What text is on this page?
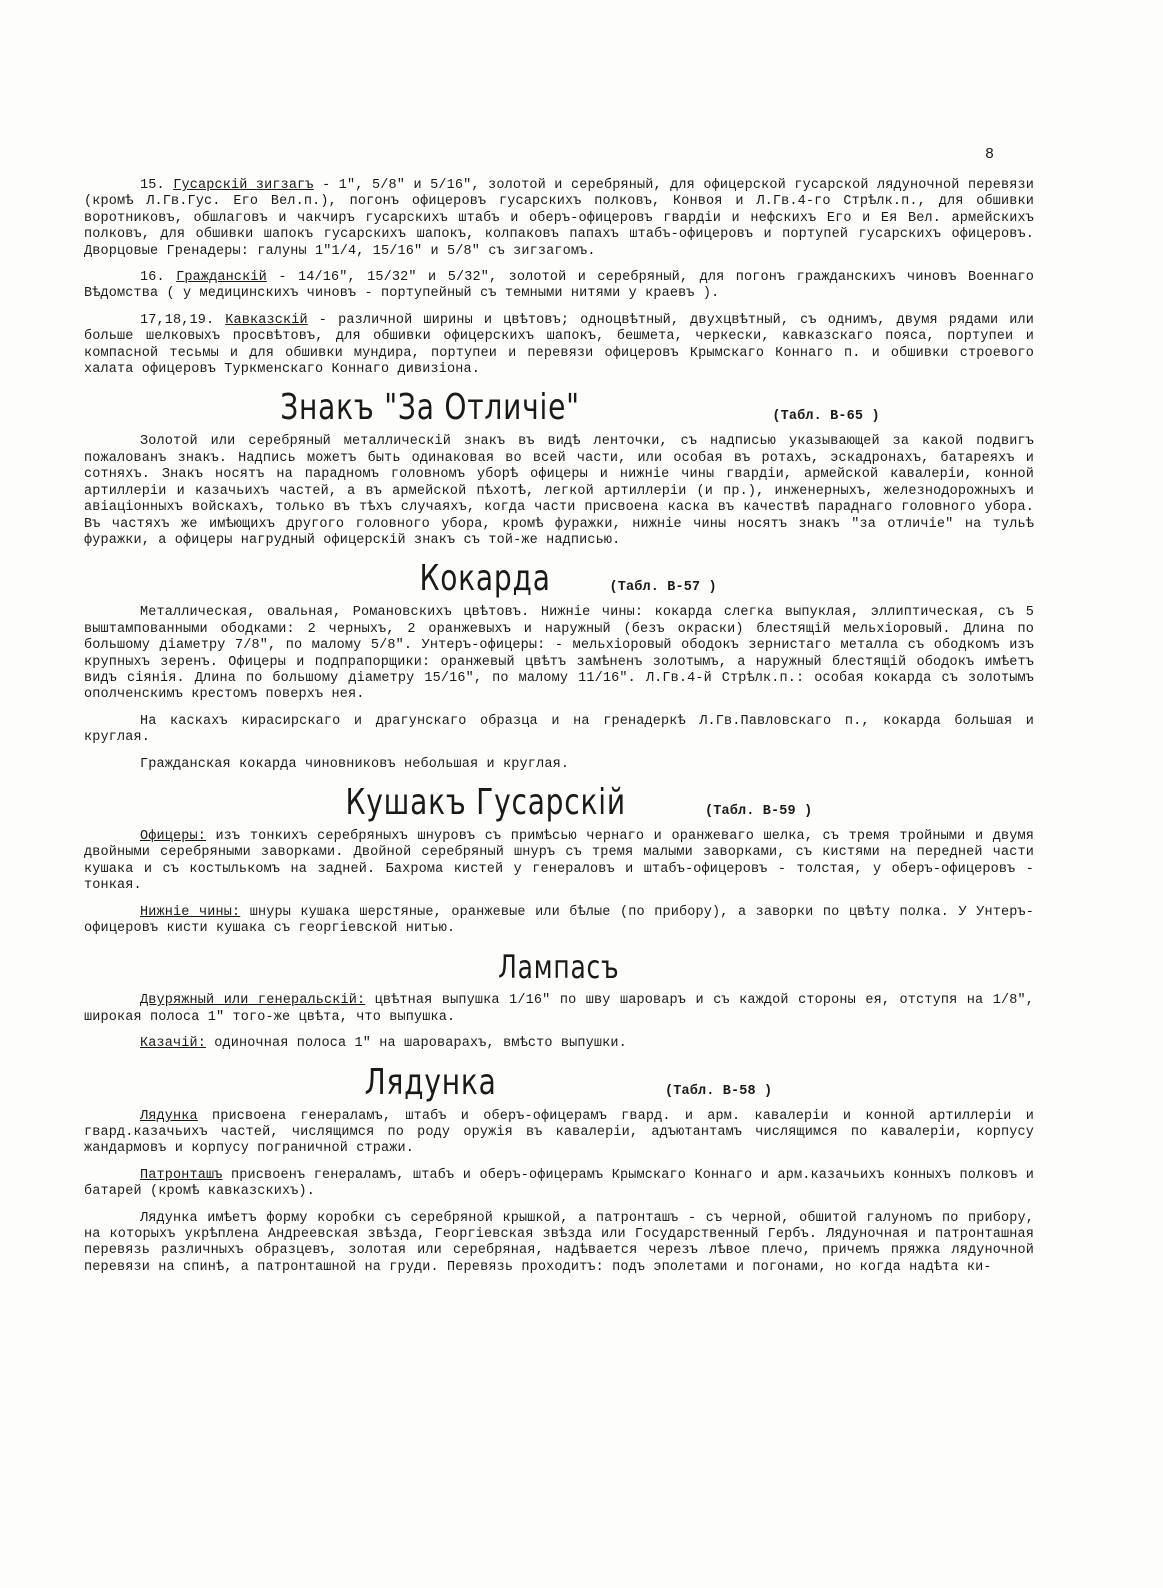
8

15. Гусарскій зигзагъ - 1", 5/8" и 5/16", золотой и серебряный, для офицерской гусарской лядуночной перевязи (кромѣ Л.Гв.Гус. Его Вел.п.), погонъ офицеровъ гусарскихъ полковъ, Конвоя и Л.Гв.4-го Стрѣлк.п., для обшивки воротниковъ, обшлаговъ и чакчиръ гусарскихъ штабъ и оберъ-офицеровъ гвардіи и нефскихъ Его и Ея Вел. армейскихъ полковъ, для обшивки шапокъ гусарскихъ шапокъ, колпаковъ папахъ штабъ-офицеровъ и портупей гусарскихъ офицеровъ. Дворцовые Гренадеры: галуны 1"1/4, 15/16" и 5/8" съ зигзагомъ.

16. Гражданскій - 14/16", 15/32" и 5/32", золотой и серебряный, для погонъ гражданскихъ чиновъ Военнаго Вѣдомства ( у медицинскихъ чиновъ - портупейный съ темными нитями у краевъ ).

17,18,19. Кавказскій - различной ширины и цвѣтовъ; одноцвѣтный, двухцвѣтный, съ однимъ, двумя рядами или больше шелковыхъ просвѣтовъ, для обшивки офицерскихъ шапокъ, бешмета, черкески, кавказскаго пояса, портупеи и компасной тесьмы и для обшивки мундира, портупеи и перевязи офицеровъ Крымскаго Коннаго п. и обшивки строевого халата офицеровъ Туркменскаго Коннаго дивизіона.

Знакъ "За Отличіе"	(Табл. В-65 )

Золотой или серебряный металлическій знакъ въ видѣ ленточки, съ надписью указывающей за какой подвигъ пожалованъ знакъ. Надпись можетъ быть одинаковая во всей части, или особая въ ротахъ, эскадронахъ, батареяхъ и сотняхъ. Знакъ носятъ на парадномъ головномъ уборѣ офицеры и нижніе чины гвардіи, армейской кавалеріи, конной артиллеріи и казачьихъ частей, а въ армейской пѣхотѣ, легкой артиллеріи (и пр.), инженерныхъ, железнодорожныхъ и авіаціонныхъ войскахъ, только въ тѣхъ случаяхъ, когда части присвоена каска въ качествѣ параднаго головного убора. Въ частяхъ же имѣющихъ другого головного убора, кромѣ фуражки, нижніе чины носятъ знакъ "за отличіе" на тульѣ фуражки, а офицеры нагрудный офицерскій знакъ съ той-же надписью.

Кокарда	(Табл. В-57 )

Металлическая, овальная, Романовскихъ цвѣтовъ. Нижніе чины: кокарда слегка выпуклая, эллиптическая, съ 5 выштампованными ободками: 2 черныхъ, 2 оранжевыхъ и наружный (безъ окраски) блестящій мельхіоровый. Длина по большому діаметру 7/8", по малому 5/8". Унтеръ-офицеры: - мельхіоровый ободокъ зернистаго металла съ ободкомъ изъ крупныхъ зеренъ. Офицеры и подпрапорщики: оранжевый цвѣтъ замѣненъ золотымъ, а наружный блестящій ободокъ имѣетъ видъ сіянія. Длина по большому діаметру 15/16", по малому 11/16". Л.Гв.4-й Стрѣлк.п.: особая кокарда съ золотымъ ополченскимъ крестомъ поверхъ нея.

На каскахъ кирасирскаго и драгунскаго образца и на гренадеркѣ Л.Гв.Павловскаго п., кокарда большая и круглая.

Гражданская кокарда чиновниковъ небольшая и круглая.

Кушакъ Гусарскій	(Табл. В-59 )

Офицеры: изъ тонкихъ серебряныхъ шнуровъ съ примѣсью чернаго и оранжеваго шелка, съ тремя тройными и двумя двойными серебряными заворками. Двойной серебряный шнуръ съ тремя малыми заворками, съ кистями на передней части кушака и съ костылькомъ на задней. Бахрома кистей у генераловъ и штабъ-офицеровъ - толстая, у оберъ-офицеровъ - тонкая.

Нижніе чины: шнуры кушака шерстяные, оранжевые или бѣлые (по прибору), а заворки по цвѣту полка. У Унтеръ-офицеровъ кисти кушака съ георгіевской нитью.

Лампасъ

Двуряжный или генеральскій: цвѣтная выпушка 1/16" по шву шароваръ и съ каждой стороны ея, отступя на 1/8", широкая полоса 1" того-же цвѣта, что выпушка.

Казачій: одиночная полоса 1" на шароварахъ, вмѣсто выпушки.

Лядунка	(Табл. В-58 )

Лядунка присвоена генераламъ, штабъ и оберъ-офицерамъ гвард. и арм. кавалеріи и конной артиллеріи и гвард.казачьихъ частей, числящимся по роду оружія въ кавалеріи, адъютантамъ числящимся по кавалеріи, корпусу жандармовъ и корпусу пограничной стражи.

Патронташъ присвоенъ генераламъ, штабъ и оберъ-офицерамъ Крымскаго Коннаго и арм.казачьихъ конныхъ полковъ и батарей (кромѣ кавказскихъ).

Лядунка имѣетъ форму коробки съ серебряной крышкой, а патронташъ - съ черной, обшитой галуномъ по прибору, на которыхъ укрѣплена Андреевская звѣзда, Георгіевская звѣзда или Государственный Гербъ. Лядуночная и патронташная перевязь различныхъ образцевъ, золотая или серебряная, надѣвается черезъ лѣвое плечо, причемъ пряжка лядуночной перевязи на спинѣ, а патронташной на груди. Перевязь проходитъ: подъ эполетами и погонами, но когда надѣта ки-
